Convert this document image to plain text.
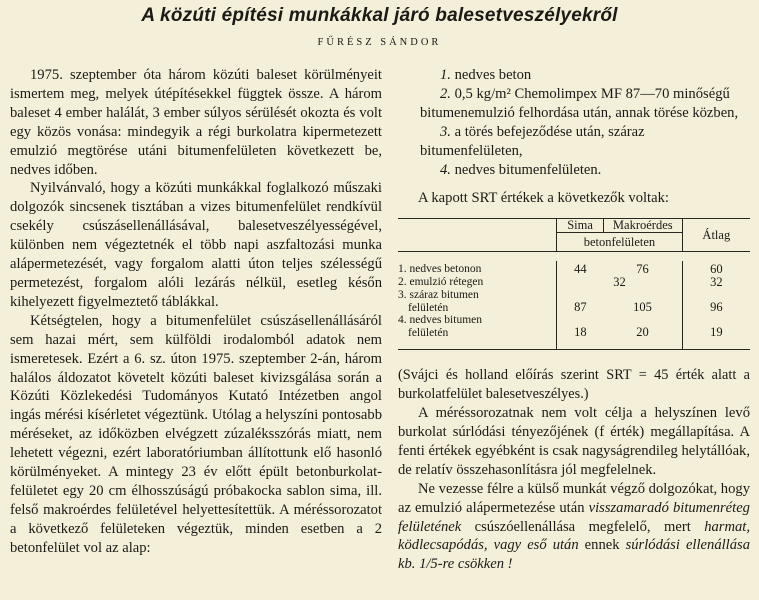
A közúti építési munkákkal járó balesetveszélyekről
FŰRÉSZ SÁNDOR

1975. szeptember óta három közúti baleset körülményeit ismertem meg, melyek útépítésekkel függtek össze. A három baleset 4 ember halálát, 3 ember súlyos sérülését okozta és volt egy közös vonása: mindegyik a régi burkolatra kipermetezett emulzió megtörése utáni bitumenfelületen következett be, nedves időben.

Nyilvánvaló, hogy a közúti munkákkal foglalkozó műszaki dolgozók sincsenek tisztában a vizes bitumenfelület rendkívül csekély csúszásellenállásával, balesetveszélyességével, különben nem végeztetnék el több napi aszfaltozási munka alápermetezését, vagy forgalom alatti úton teljes szélességű permetezést, forgalom alóli lezárás nélkül, esetleg későn kihelyezett figyelmeztető táblákkal.

Kétségtelen, hogy a bitumenfelület csúszásellenállásáról sem hazai mért, sem külföldi irodalomból adatok nem ismeretesek. Ezért a 6. sz. úton 1975. szeptember 2-án, három halálos áldozatot követelt közúti baleset kivizsgálása során a Közúti Közlekedési Tudományos Kutató Intézetben angol ingás mérési kísérletet végeztünk. Utólag a helyszíni pontosabb méréseket, az időközben elvégzett zúzaléksszórás miatt, nem lehetett végezni, ezért laboratóriumban állítottunk elő hasonló körülményeket. A mintegy 23 év előtt épült betonburkolat-felületet egy 20 cm élhosszúságú próbakocka sablon sima, ill. felső makroérdes felületével helyettesítettük. A méréssorozatot a következő felületeken végeztük, minden esetben a 2 betonfelület vol az alap:

1. nedves beton

2. 0,5 kg/m² Chemolimpex MF 87—70 minőségű bitumenemulzió felhordása után, annak törése közben,

3. a törés befejeződése után, száraz bitumenfelületen,

4. nedves bitumenfelületen.

A kapott SRT értékek a következők voltak:

	Sima	Makroérdes	Átlag
	betonfelületen		

1. nedves betonon	44	76	60
2. emulzió rétegen	32		32
3. száraz bitumen
felületén	87	105	96
4. nedves bitumen
felületén	18	20	19

(Svájci és holland előírás szerint SRT = 45 érték alatt a burkolatfelület balesetveszélyes.)

A méréssorozatnak nem volt célja a helyszínen levő burkolat súrlódási tényezőjének (f érték) megállapítása. A fenti értékek egyébként is csak nagyságrendileg helytállóak, de relatív összehasonlításra jól megfelelnek.

Ne vezesse félre a külső munkát végző dolgozókat, hogy az emulzió alápermetezése után visszamaradó bitumenréteg felületének csúszóellenállása megfelelő, mert harmat, ködlecsapódás, vagy eső után ennek súrlódási ellenállása kb. 1/5-re csökken !
